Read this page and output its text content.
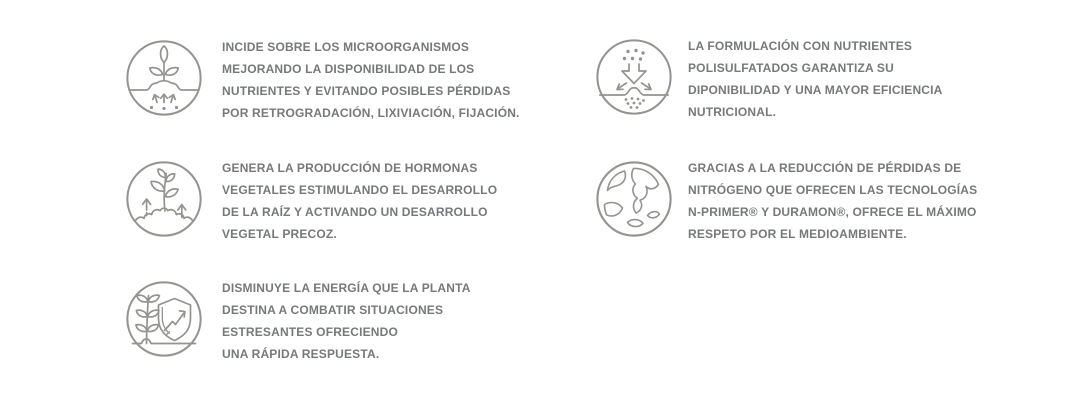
INCIDE SOBRE LOS MICROORGANISMOS
MEJORANDO LA DISPONIBILIDAD DE LOS
NUTRIENTES Y EVITANDO POSIBLES PÉRDIDAS
POR RETROGRADACIÓN, LIXIVIACIÓN, FIJACIÓN.
GENERA LA PRODUCCIÓN DE HORMONAS
VEGETALES ESTIMULANDO EL DESARROLLO
DE LA RAÍZ Y ACTIVANDO UN DESARROLLO
VEGETAL PRECOZ.
DISMINUYE LA ENERGÍA QUE LA PLANTA
DESTINA A COMBATIR SITUACIONES
ESTRESANTES OFRECIENDO
UNA RÁPIDA RESPUESTA.
LA FORMULACIÓN CON NUTRIENTES
POLISULFATADOS GARANTIZA SU
DIPONIBILIDAD Y UNA MAYOR EFICIENCIA
NUTRICIONAL.
GRACIAS A LA REDUCCIÓN DE PÉRDIDAS DE
NITRÓGENO QUE OFRECEN LAS TECNOLOGÍAS
N-PRIMER® Y DURAMON®, OFRECE EL MÁXIMO
RESPETO POR EL MEDIOAMBIENTE.
